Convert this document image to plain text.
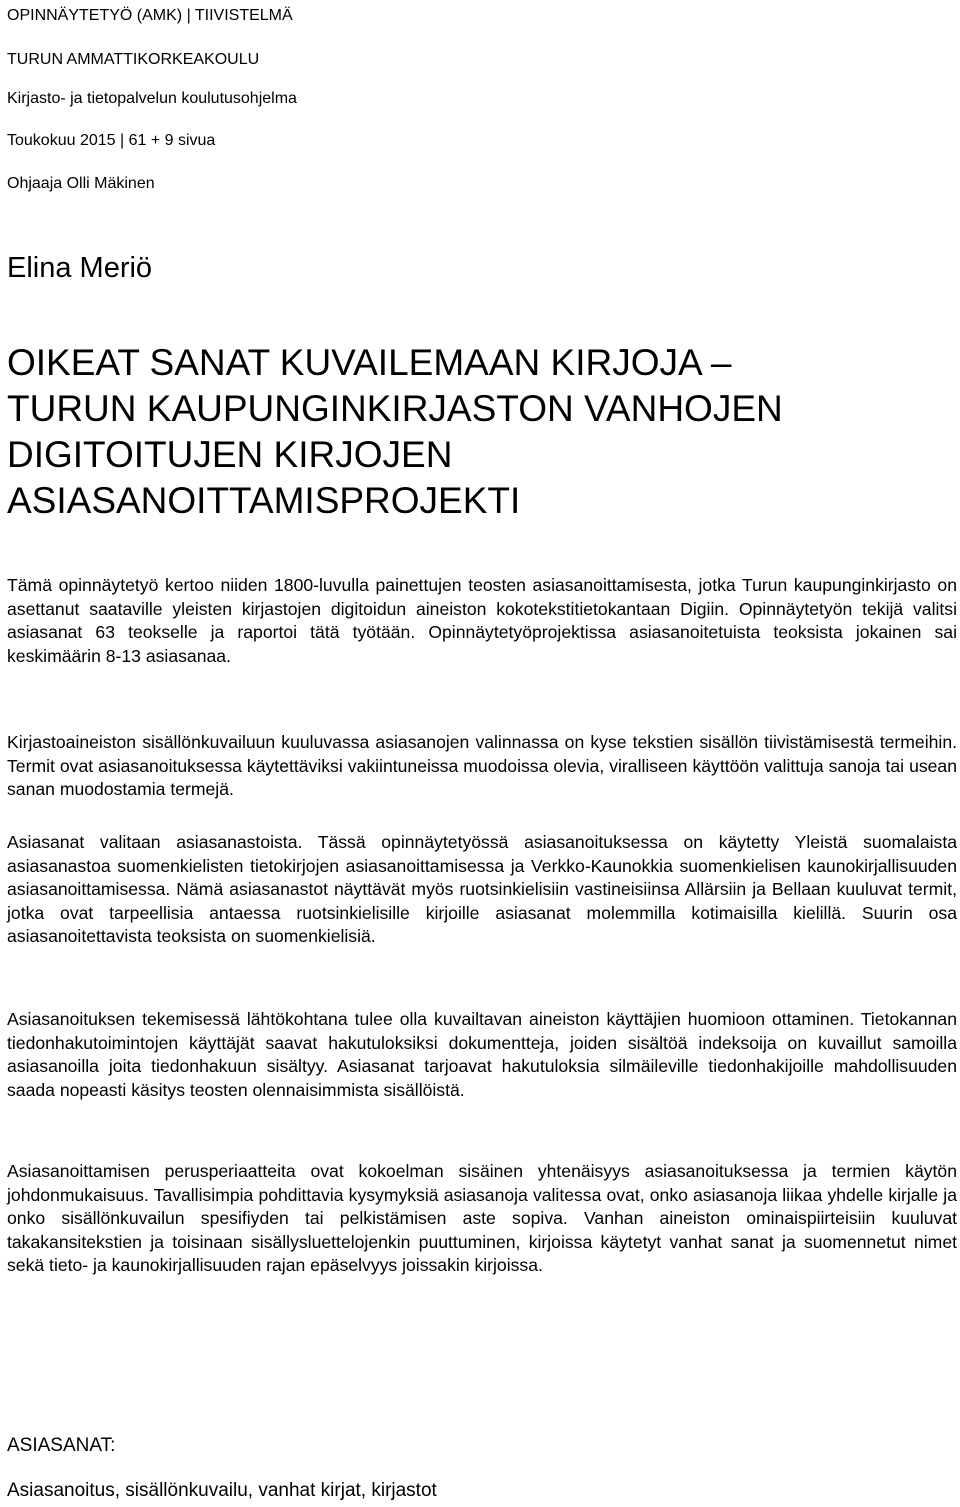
OPINNÄYTETYÖ (AMK) | TIIVISTELMÄ
TURUN AMMATTIKORKEAKOULU
Kirjasto- ja tietopalvelun koulutusohjelma
Toukokuu 2015 | 61 + 9 sivua
Ohjaaja Olli Mäkinen
Elina Meriö
OIKEAT SANAT KUVAILEMAAN KIRJOJA –
TURUN KAUPUNGINKIRJASTON VANHOJEN
DIGITOITUJEN KIRJOJEN
ASIASANOITTAMISPROJEKTI

Tämä opinnäytetyö kertoo niiden 1800-luvulla painettujen teosten asiasanoittamisesta, jotka Turun kaupunginkirjasto on asettanut saataville yleisten kirjastojen digitoidun aineiston kokotekstitietokantaan Digiin. Opinnäytetyön tekijä valitsi asiasanat 63 teokselle ja raportoi tätä työtään. Opinnäytetyöprojektissa asiasanoitetuista teoksista jokainen sai keskimäärin 8-13 asiasanaa.

Kirjastoaineiston sisällönkuvailuun kuuluvassa asiasanojen valinnassa on kyse tekstien sisällön tiivistämisestä termeihin. Termit ovat asiasanoituksessa käytettäviksi vakiintuneissa muodoissa olevia, viralliseen käyttöön valittuja sanoja tai usean sanan muodostamia termejä.

Asiasanat valitaan asiasanastoista. Tässä opinnäytetyössä asiasanoituksessa on käytetty Yleistä suomalaista asiasanastoa suomenkielisten tietokirjojen asiasanoittamisessa ja Verkko-Kaunokkia suomenkielisen kaunokirjallisuuden asiasanoittamisessa. Nämä asiasanastot näyttävät myös ruotsinkielisiin vastineisiinsa Allärsiin ja Bellaan kuuluvat termit, jotka ovat tarpeellisia antaessa ruotsinkielisille kirjoille asiasanat molemmilla kotimaisilla kielillä. Suurin osa asiasanoitettavista teoksista on suomenkielisiä.

Asiasanoituksen tekemisessä lähtökohtana tulee olla kuvailtavan aineiston käyttäjien huomioon ottaminen. Tietokannan tiedonhakutoimintojen käyttäjät saavat hakutuloksiksi dokumentteja, joiden sisältöä indeksoija on kuvaillut samoilla asiasanoilla joita tiedonhakuun sisältyy. Asiasanat tarjoavat hakutuloksia silmäileville tiedonhakijoille mahdollisuuden saada nopeasti käsitys teosten olennaisimmista sisällöistä.

Asiasanoittamisen perusperiaatteita ovat kokoelman sisäinen yhtenäisyys asiasanoituksessa ja termien käytön johdonmukaisuus. Tavallisimpia pohdittavia kysymyksiä asiasanoja valitessa ovat, onko asiasanoja liikaa yhdelle kirjalle ja onko sisällönkuvailun spesifiyden tai pelkistämisen aste sopiva. Vanhan aineiston ominaispiirteisiin kuuluvat takakansitekstien ja toisinaan sisällysluettelojenkin puuttuminen, kirjoissa käytetyt vanhat sanat ja suomennetut nimet sekä tieto- ja kaunokirjallisuuden rajan epäselvyys joissakin kirjoissa.

ASIASANAT:
Asiasanoitus, sisällönkuvailu, vanhat kirjat, kirjastot
